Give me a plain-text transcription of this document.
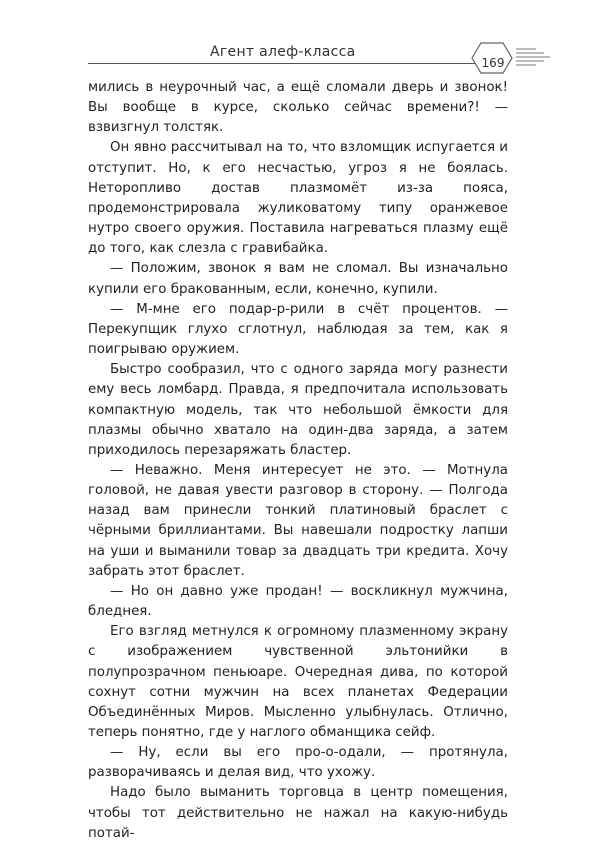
Агент алеф-класса
169

мились в неурочный час, а ещё сломали дверь и звонок! Вы вообще в курсе, сколько сейчас времени?! — взвизгнул толстяк.

Он явно рассчитывал на то, что взломщик испугается и отступит. Но, к его несчастью, угроз я не боялась. Неторопливо достав плазмомёт из-за пояса, продемонстрировала жуликоватому типу оранжевое нутро своего оружия. Поставила нагреваться плазму ещё до того, как слезла с гравибайка.

— Положим, звонок я вам не сломал. Вы изначально купили его бракованным, если, конечно, купили.

— М-мне его подар-р-рили в счёт процентов. — Перекупщик глухо сглотнул, наблюдая за тем, как я поигрываю оружием.

Быстро сообразил, что с одного заряда могу разнести ему весь ломбард. Правда, я предпочитала использовать компактную модель, так что небольшой ёмкости для плазмы обычно хватало на один-два заряда, а затем приходилось перезаряжать бластер.

— Неважно. Меня интересует не это. — Мотнула головой, не давая увести разговор в сторону. — Полгода назад вам принесли тонкий платиновый браслет с чёрными бриллиантами. Вы навешали подростку лапши на уши и выманили товар за двадцать три кредита. Хочу забрать этот браслет.

— Но он давно уже продан! — воскликнул мужчина, бледнея.

Его взгляд метнулся к огромному плазменному экрану с изображением чувственной эльтонийки в полупрозрачном пеньюаре. Очередная дива, по которой сохнут сотни мужчин на всех планетах Федерации Объединённых Миров. Мысленно улыбнулась. Отлично, теперь понятно, где у наглого обманщика сейф.

— Ну, если вы его про-о-одали, — протянула, разворачиваясь и делая вид, что ухожу.

Надо было выманить торговца в центр помещения, чтобы тот действительно не нажал на какую-нибудь потай-
